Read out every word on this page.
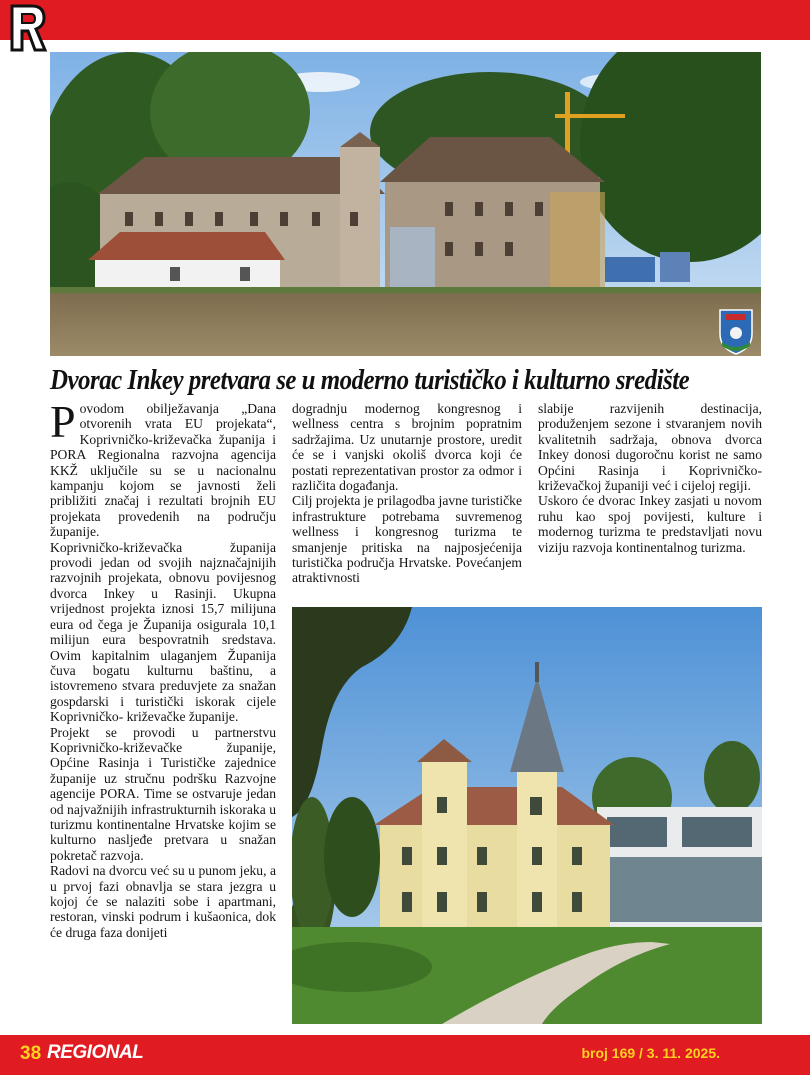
Dvorac Inkey pretvara se u moderno turističko i kulturno središte
P ovodom obilježavanja „Dana otvorenih vrata EU projekata“, Koprivničko-križevačka županija i PORA Regionalna razvojna agencija KKŽ uključile su se u nacionalnu kampanju kojom se javnosti želi približiti značaj i rezultati brojnih EU projekata provedenih na području županije.

Koprivničko-križevačka županija provodi jedan od svojih najznačajnijih razvojnih projekata, obnovu povijesnog dvorca Inkey u Rasinji. Ukupna vrijednost projekta iznosi 15,7 milijuna eura od čega je Županija osigurala 10,1 milijun eura bespovratnih sredstava. Ovim kapitalnim ulaganjem Županija čuva bogatu kulturnu baštinu, a istovremeno stvara preduvjete za snažan gospdarski i turistički iskorak cijele Koprivničko- križevačke županije.

Projekt se provodi u partnerstvu Koprivničko-križevačke županije, Općine Rasinja i Turističke zajednice županije uz stručnu podršku Razvojne agencije PORA. Time se ostvaruje jedan od najvažnijih infrastrukturnih iskoraka u turizmu kontinentalne Hrvatske kojim se kulturno nasljeđe pretvara u snažan pokretač razvoja.

Radovi na dvorcu već su u punom jeku, a u prvoj fazi obnavlja se stara jezgra u kojoj će se nalaziti sobe i apartmani, restoran, vinski podrum i kušaonica, dok će druga faza donijeti

dogradnju modernog kongresnog i wellness centra s brojnim popratnim sadržajima. Uz unutarnje prostore, uredit će se i vanjski okoliš dvorca koji će postati reprezentativan prostor za odmor i različita događanja.

Cilj projekta je prilagodba javne turističke infrastrukture potrebama suvremenog wellness i kongresnog turizma te smanjenje pritiska na najposjećenija turistička područja Hrvatske. Povećanjem atraktivnosti

slabije razvijenih destinacija, produženjem sezone i stvaranjem novih kvalitetnih sadržaja, obnova dvorca Inkey donosi dugoročnu korist ne samo Općini Rasinja i Koprivničko-križevačkoj županiji već i cijeloj regiji.

Uskoro će dvorac Inkey zasjati u novom ruhu kao spoj povijesti, kulture i modernog turizma te predstavljati novu viziju razvoja kontinentalnog turizma.

38 REGIONAL	broj 169 / 3. 11. 2025.
